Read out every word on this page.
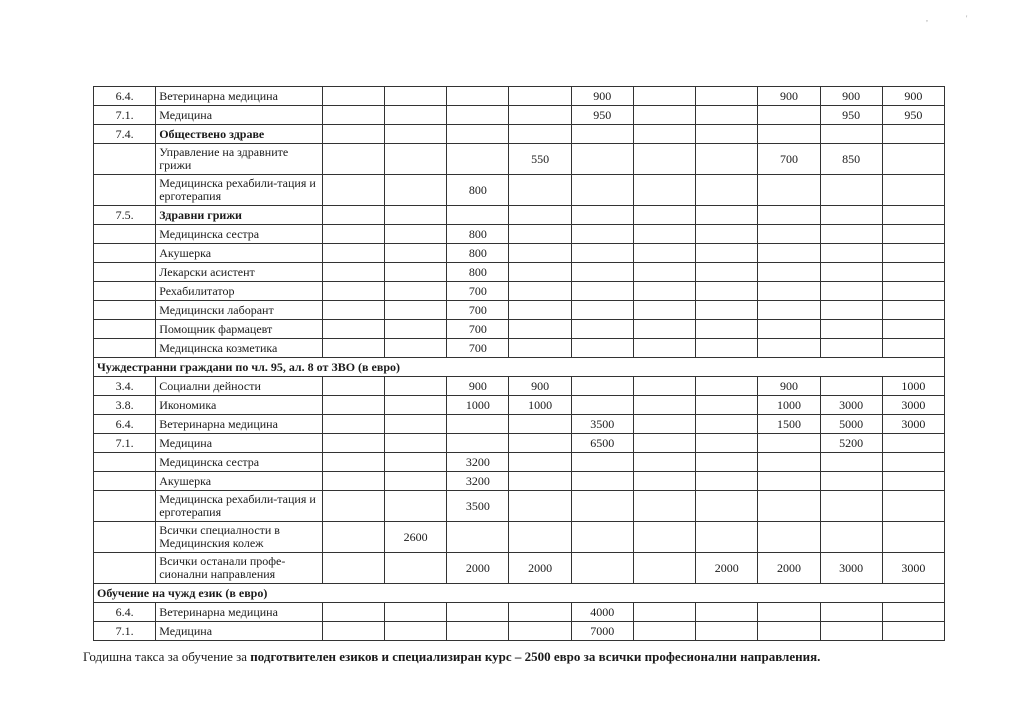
,	'
6.4.	Ветеринарна медицина					900			900	900	900
7.1.	Медицина					950				950	950
7.4.	Обществено здраве										
	Управление на здравните грижи				550				700	850	
	Медицинска рехабили-тация и ерготерапия			800							
7.5.	Здравни грижи										
	Медицинска сестра			800							
	Акушерка			800							
	Лекарски асистент			800							
	Рехабилитатор			700							
	Медицински лаборант			700							
	Помощник фармацевт			700							
	Медицинска козметика			700							
Чуждестранни граждани по чл. 95, ал. 8 от ЗВО (в евро)											
3.4.	Социални дейности			900	900				900		1000
3.8.	Икономика			1000	1000				1000	3000	3000
6.4.	Ветеринарна медицина					3500			1500	5000	3000
7.1.	Медицина					6500				5200	
	Медицинска сестра			3200							
	Акушерка			3200							
	Медицинска рехабили-тация и ерготерапия			3500							
	Всички специалности в Медицинския колеж		2600								
	Всички останали профе-сионални направления			2000	2000			2000	2000	3000	3000
Обучение на чужд език (в евро)											
6.4.	Ветеринарна медицина					4000					
7.1.	Медицина					7000					
Годишна такса за обучение за подготвителен езиков и специализиран курс – 2500 евро за всички професионални направления.
